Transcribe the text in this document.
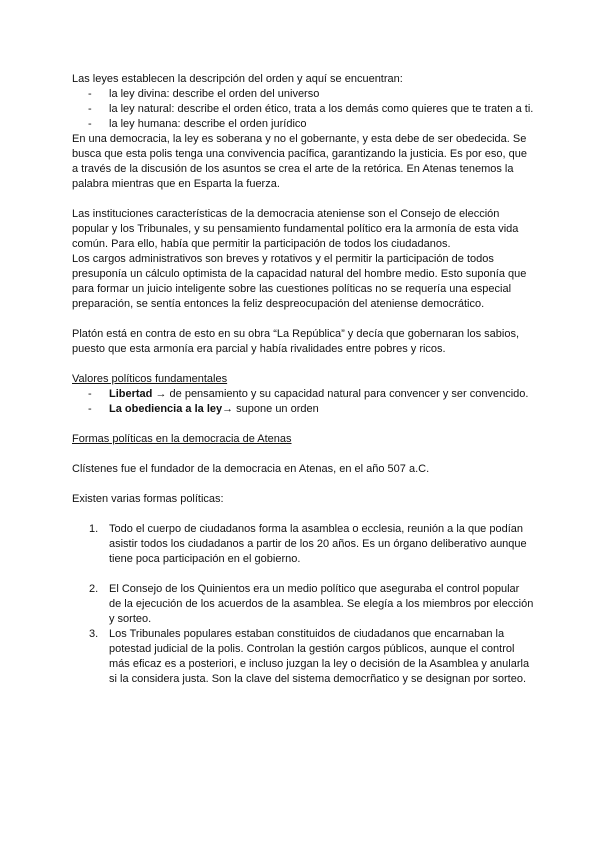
Las leyes establecen la descripción del orden y aquí se encuentran:

- la ley divina: describe el orden del universo
- la ley natural: describe el orden ético, trata a los demás como quieres que te traten a ti.
- la ley humana: describe el orden jurídico

En una democracia, la ley es soberana y no el gobernante, y esta debe de ser obedecida. Se busca que esta polis tenga una convivencia pacífica, garantizando la justicia. Es por eso, que a través de la discusión de los asuntos se crea el arte de la retórica. En Atenas tenemos la palabra mientras que en Esparta la fuerza.

Las instituciones características de la democracia ateniense son el Consejo de elección popular y los Tribunales, y su pensamiento fundamental político era la armonía de esta vida común. Para ello, había que permitir la participación de todos los ciudadanos.

Los cargos administrativos son breves y rotativos y el permitir la participación de todos presuponía un cálculo optimista de la capacidad natural del hombre medio. Esto suponía que para formar un juicio inteligente sobre las cuestiones políticas no se requería una especial preparación, se sentía entonces la feliz despreocupación del ateniense democrático.

Platón está en contra de esto en su obra “La República” y decía que gobernaran los sabios, puesto que esta armonía era parcial y había rivalidades entre pobres y ricos.

Valores políticos fundamentales

- Libertad → de pensamiento y su capacidad natural para convencer y ser convencido.
- La obediencia a la ley→ supone un orden

Formas políticas en la democracia de Atenas

Clístenes fue el fundador de la democracia en Atenas, en el año 507 a.C.

Existen varias formas políticas:

1. Todo el cuerpo de ciudadanos forma la asamblea o ecclesia, reunión a la que podían asistir todos los ciudadanos a partir de los 20 años. Es un órgano deliberativo aunque tiene poca participación en el gobierno.
2. El Consejo de los Quinientos era un medio político que aseguraba el control popular de la ejecución de los acuerdos de la asamblea. Se elegía a los miembros por elección y sorteo.
3. Los Tribunales populares estaban constituidos de ciudadanos que encarnaban la potestad judicial de la polis. Controlan la gestión cargos públicos, aunque el control más eficaz es a posteriori, e incluso juzgan la ley o decisión de la Asamblea y anularla si la considera justa. Son la clave del sistema democrñatico y se designan por sorteo.
